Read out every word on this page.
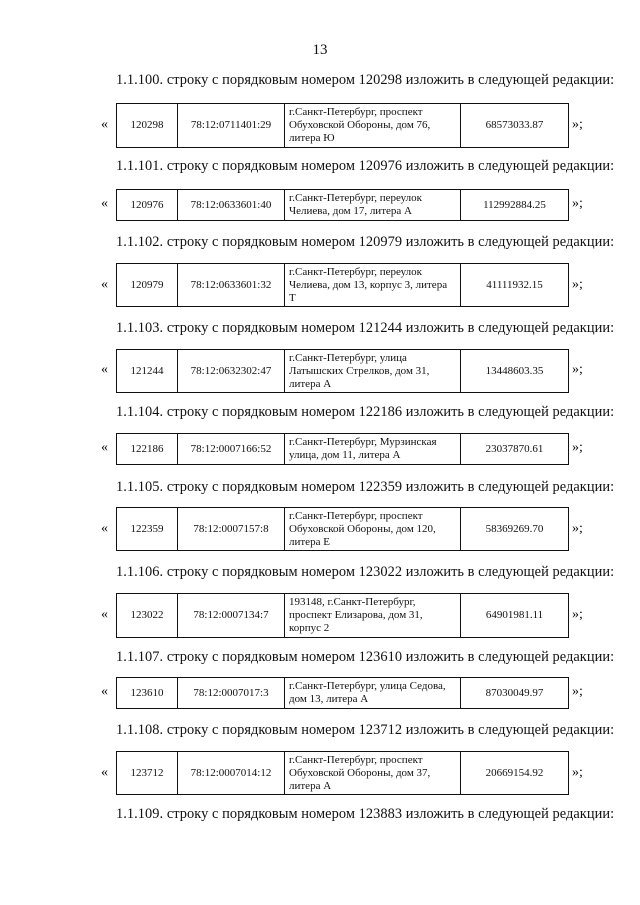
13
1.1.100. строку с порядковым номером 120298 изложить в следующей редакции:
« 120298	78:12:0711401:29	г.Санкт-Петербург, проспект Обуховской Обороны, дом 76, литера Ю	68573033.87 »;
1.1.101. строку с порядковым номером 120976 изложить в следующей редакции:
« 120976	78:12:0633601:40	г.Санкт-Петербург, переулок Челиева, дом 17, литера А	112992884.25 »;
1.1.102. строку с порядковым номером 120979 изложить в следующей редакции:
« 120979	78:12:0633601:32	г.Санкт-Петербург, переулок Челиева, дом 13, корпус 3, литера Т	41111932.15 »;
1.1.103. строку с порядковым номером 121244 изложить в следующей редакции:
« 121244	78:12:0632302:47	г.Санкт-Петербург, улица Латышских Стрелков, дом 31, литера А	13448603.35 »;
1.1.104. строку с порядковым номером 122186 изложить в следующей редакции:
« 122186	78:12:0007166:52	г.Санкт-Петербург, Мурзинская улица, дом 11, литера А	23037870.61 »;
1.1.105. строку с порядковым номером 122359 изложить в следующей редакции:
« 122359	78:12:0007157:8	г.Санкт-Петербург, проспект Обуховской Обороны, дом 120, литера Е	58369269.70 »;
1.1.106. строку с порядковым номером 123022 изложить в следующей редакции:
« 123022	78:12:0007134:7	193148, г.Санкт-Петербург, проспект Елизарова, дом 31, корпус 2	64901981.11 »;
1.1.107. строку с порядковым номером 123610 изложить в следующей редакции:
« 123610	78:12:0007017:3	г.Санкт-Петербург, улица Седова, дом 13, литера А	87030049.97 »;
1.1.108. строку с порядковым номером 123712 изложить в следующей редакции:
« 123712	78:12:0007014:12	г.Санкт-Петербург, проспект Обуховской Обороны, дом 37, литера А	20669154.92 »;
1.1.109. строку с порядковым номером 123883 изложить в следующей редакции:
